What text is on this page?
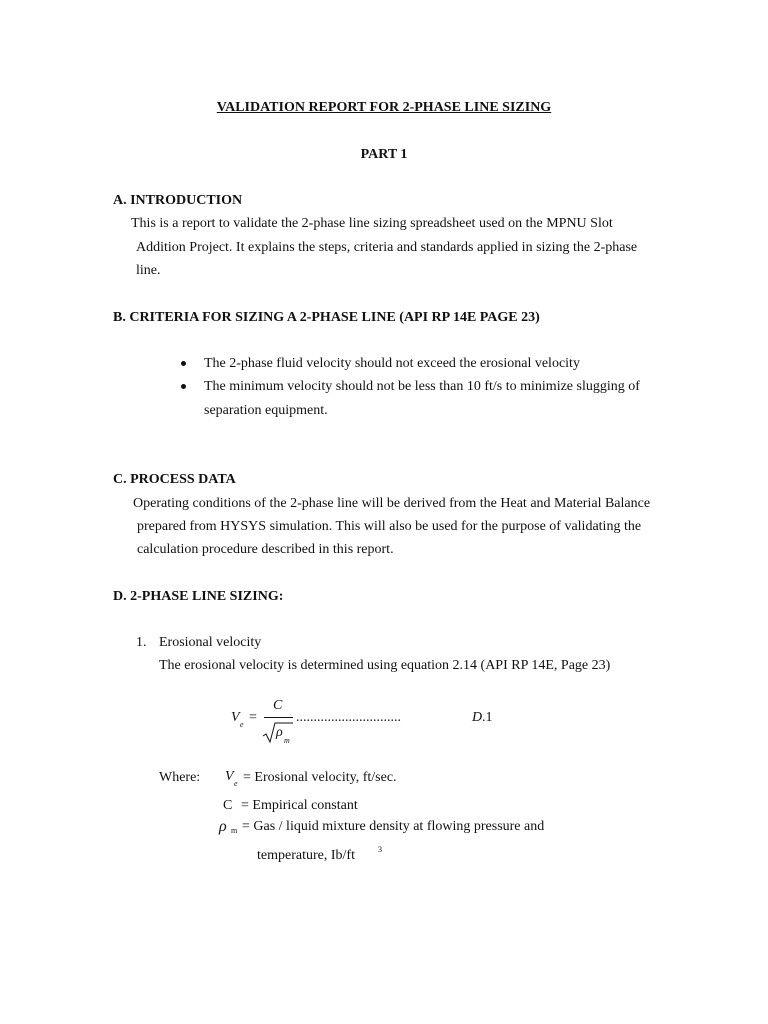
VALIDATION REPORT FOR 2-PHASE LINE SIZING
PART 1
A. INTRODUCTION
This is a report to validate the 2-phase line sizing spreadsheet used on the MPNU Slot
Addition Project. It explains the steps, criteria and standards applied in sizing the 2-phase
line.
B. CRITERIA FOR SIZING A 2-PHASE LINE (API RP 14E PAGE 23)
The 2-phase fluid velocity should not exceed the erosional velocity
The minimum velocity should not be less than 10 ft/s to minimize slugging of
separation equipment.
C. PROCESS DATA
Operating conditions of the 2-phase line will be derived from the Heat and Material Balance
prepared from HYSYS simulation. This will also be used for the purpose of validating the
calculation procedure described in this report.
D. 2-PHASE LINE SIZING:
1. Erosional velocity
The erosional velocity is determined using equation 2.14 (API RP 14E, Page 23)
V e =
C
ρ
m
..............................	D .1
Where: V e = Erosional velocity, ft/sec.
C = Empirical constant
ρ m = Gas / liquid mixture density at flowing pressure and
temperature, Ib/ft	3
